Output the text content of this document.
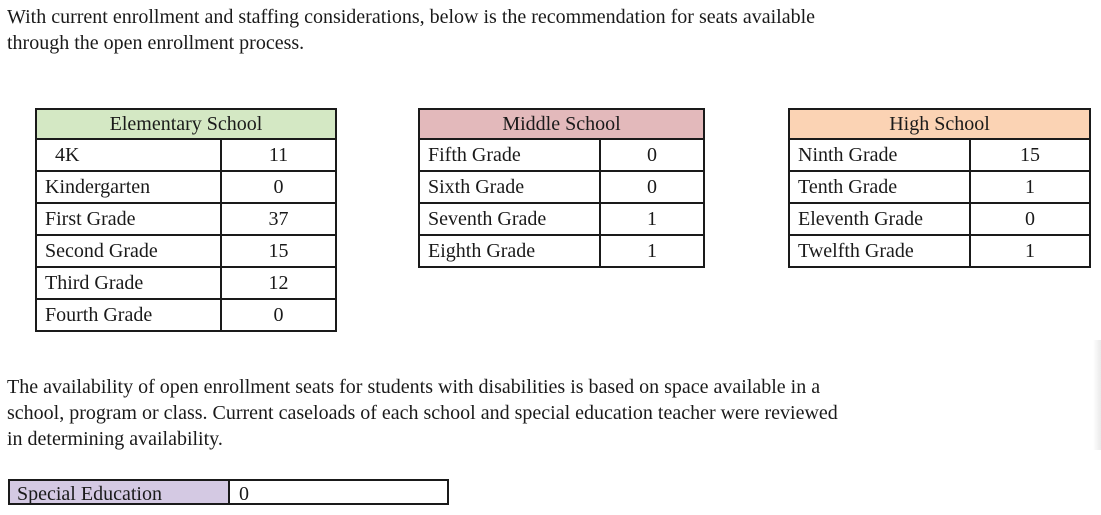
With current enrollment and staffing considerations, below is the recommendation for seats available
through the open enrollment process.

Elementary School	
4K	11
Kindergarten	0
First Grade	37
Second Grade	15
Third Grade	12
Fourth Grade	0
Middle School	
Fifth Grade	0
Sixth Grade	0
Seventh Grade	1
Eighth Grade	1
High School	
Ninth Grade	15
Tenth Grade	1
Eleventh Grade	0
Twelfth Grade	1

The availability of open enrollment seats for students with disabilities is based on space available in a
school, program or class. Current caseloads of each school and special education teacher were reviewed
in determining availability.

Special Education	0
